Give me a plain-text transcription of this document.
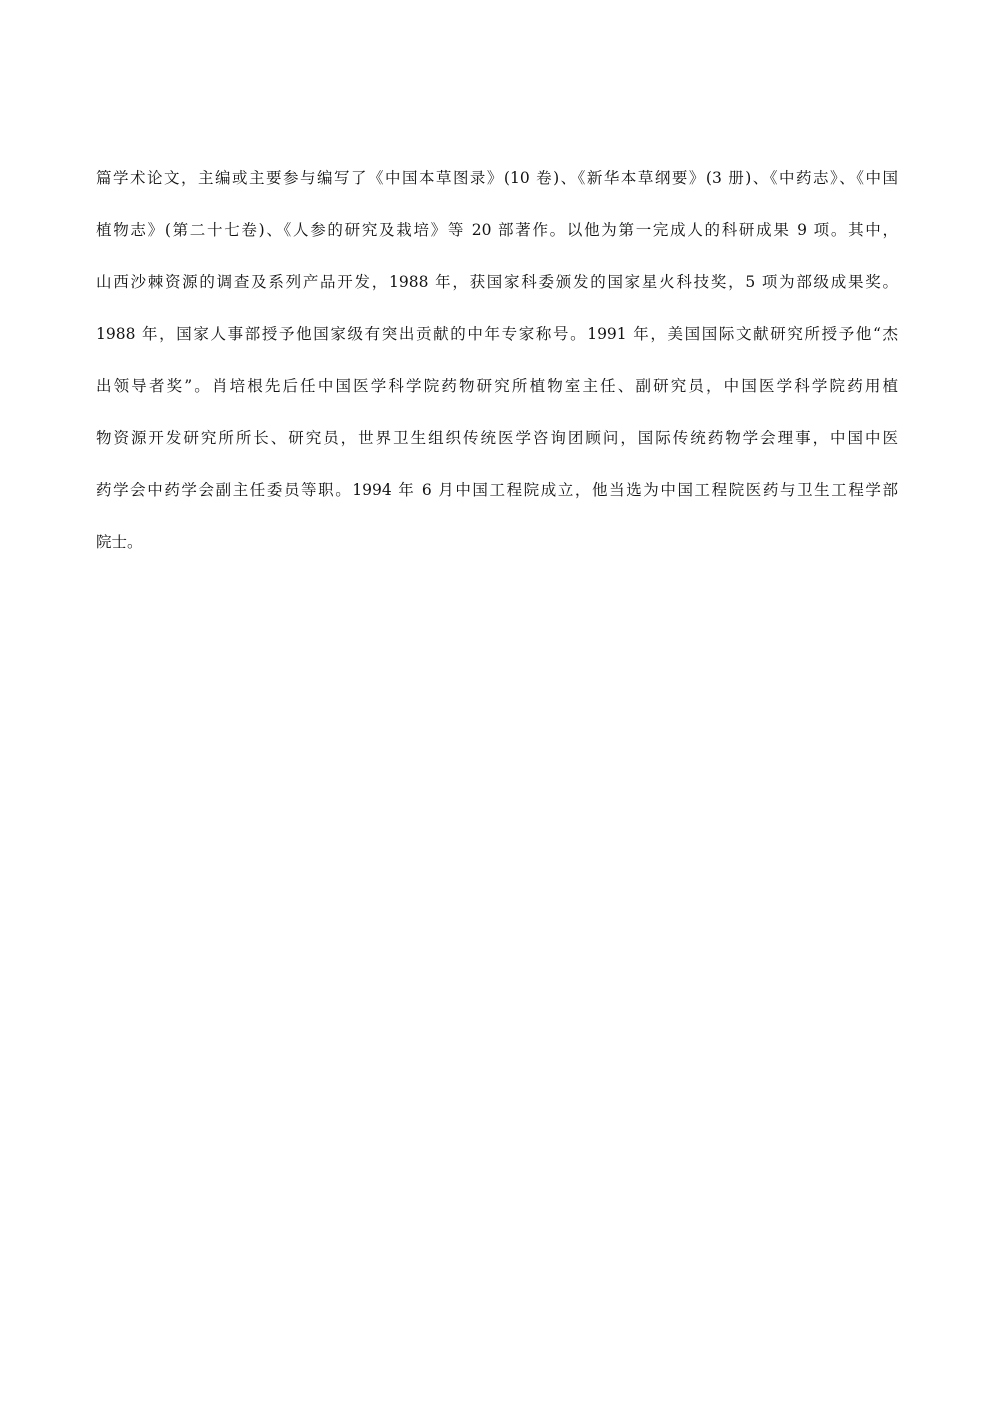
篇学术论文，主编或主要参与编写了《中国本草图录》(10 卷)、《新华本草纲要》(3 册)、《中药志》、《中国
植物志》(第二十七卷)、《人参的研究及栽培》等 20 部著作。以他为第一完成人的科研成果 9 项。其中，
山西沙棘资源的调查及系列产品开发，1988 年，获国家科委颁发的国家星火科技奖，5 项为部级成果奖。
1988 年，国家人事部授予他国家级有突出贡献的中年专家称号。1991 年，美国国际文献研究所授予他“杰
出领导者奖”。肖培根先后任中国医学科学院药物研究所植物室主任、副研究员，中国医学科学院药用植
物资源开发研究所所长、研究员，世界卫生组织传统医学咨询团顾问，国际传统药物学会理事，中国中医
药学会中药学会副主任委员等职。1994 年 6 月中国工程院成立，他当选为中国工程院医药与卫生工程学部
院士。
